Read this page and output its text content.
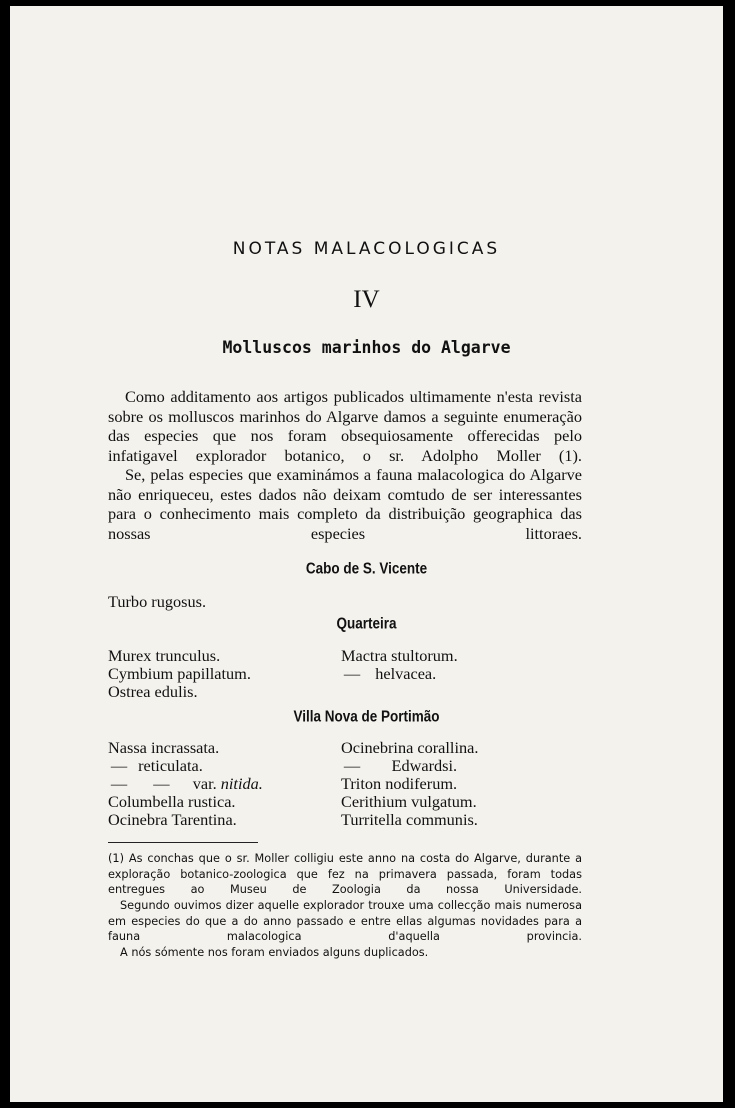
NOTAS MALACOLOGICAS
IV
Molluscos marinhos do Algarve

Como additamento aos artigos publicados ultimamente n'esta revista sobre os molluscos marinhos do Algarve damos a seguinte enumeração das especies que nos foram obsequiosamente offerecidas pelo infatigavel explorador botanico, o sr. Adolpho Moller (1).

Se, pelas especies que examinámos a fauna malacologica do Algarve não enriqueceu, estes dados não deixam comtudo de ser interessantes para o conhecimento mais completo da distribuição geographica das nossas especies littoraes.

Cabo de S. Vicente
Turbo rugosus.
Quarteira
Murex trunculus.
Cymbium papillatum.
Ostrea edulis.
Mactra stultorum.
— helvacea.
Villa Nova de Portimão
Nassa incrassata.
— reticulata.
— — var. nitida.
Columbella rustica.
Ocinebra Tarentina.
Ocinebrina corallina.
— Edwardsi.
Triton nodiferum.
Cerithium vulgatum.
Turritella communis.

(1) As conchas que o sr. Moller colligiu este anno na costa do Algarve, durante a exploração botanico-zoologica que fez na primavera passada, foram todas entregues ao Museu de Zoologia da nossa Universidade.

Segundo ouvimos dizer aquelle explorador trouxe uma collecção mais numerosa em especies do que a do anno passado e entre ellas algumas novidades para a fauna malacologica d'aquella provincia.

A nós sómente nos foram enviados alguns duplicados.
